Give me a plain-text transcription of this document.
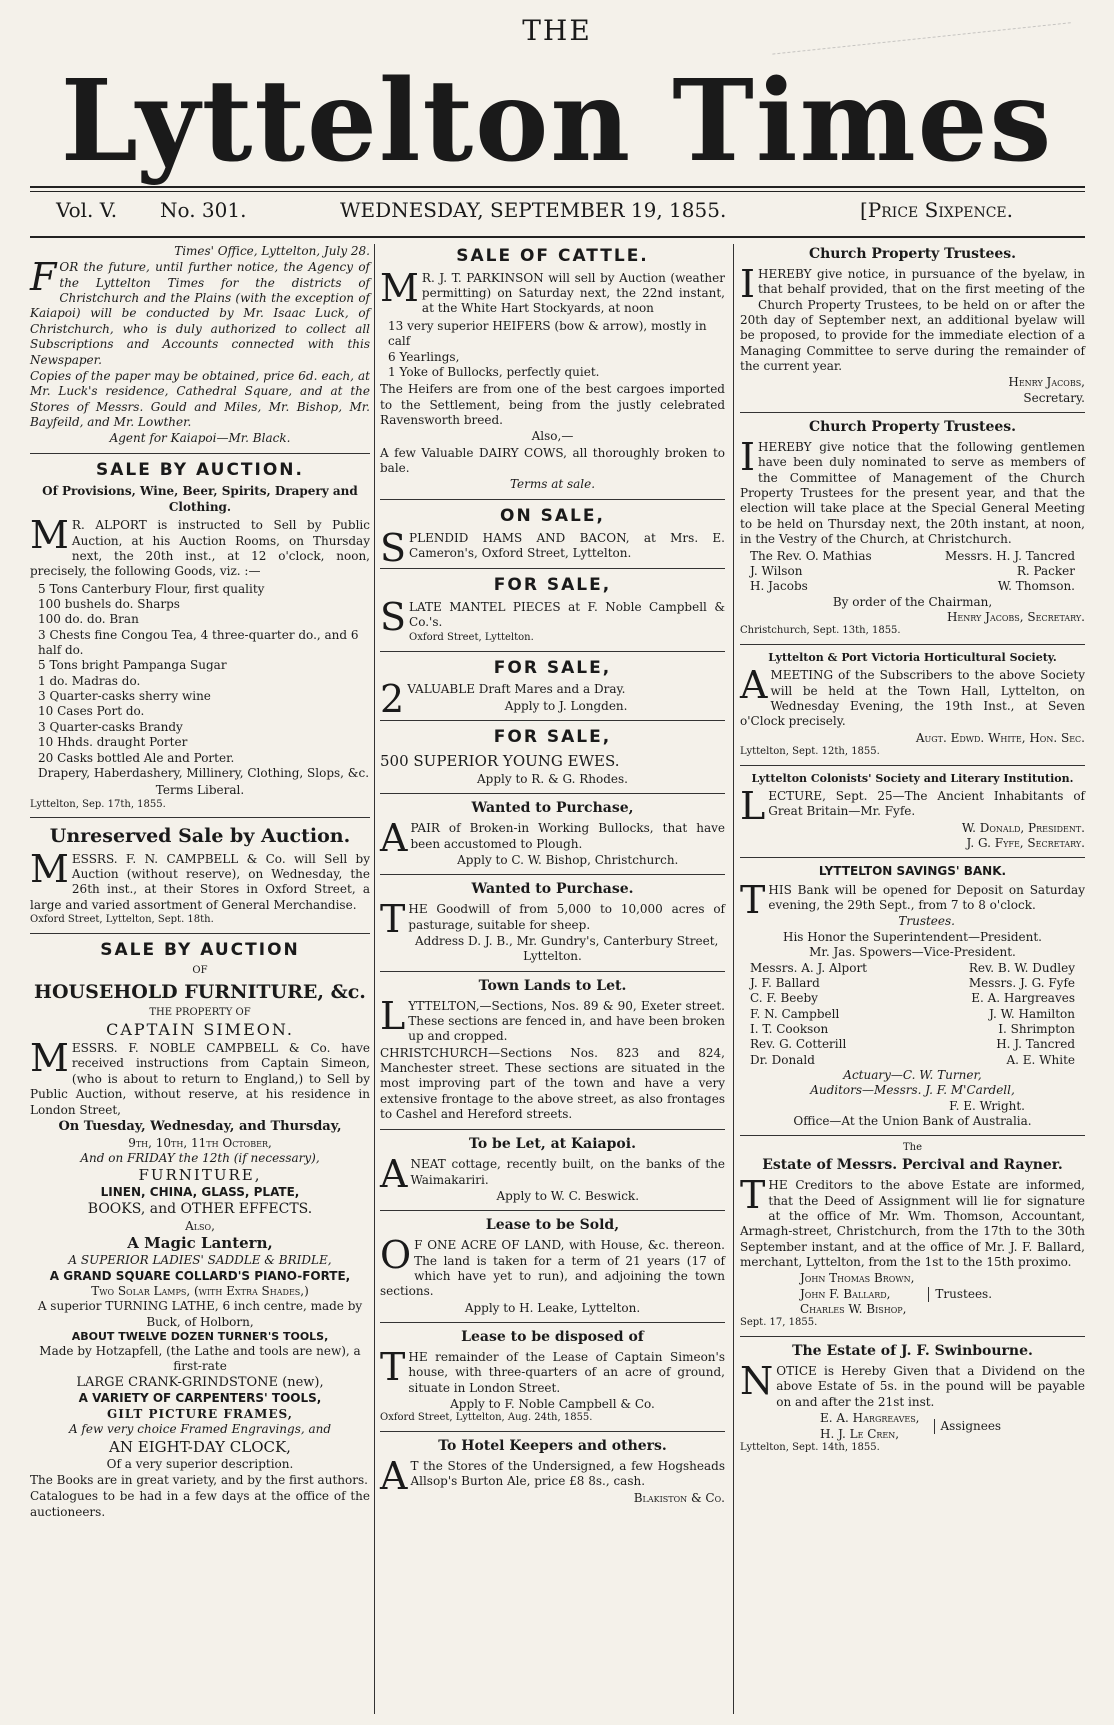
THE
Lyttelton Times
Vol. V. No. 301.	WEDNESDAY, SEPTEMBER 19, 1855.	[Price Sixpence.
Times' Office, Lyttelton, July 28.
FOR the future, until further notice, the Agency of the Lyttelton Times for the districts of Christchurch and the Plains (with the exception of Kaiapoi) will be conducted by Mr. Isaac Luck, of Christchurch, who is duly authorized to collect all Subscriptions and Accounts connected with this Newspaper.
Copies of the paper may be obtained, price 6d. each, at Mr. Luck's residence, Cathedral Square, and at the Stores of Messrs. Gould and Miles, Mr. Bishop, Mr. Bayfeild, and Mr. Lowther.
Agent for Kaiapoi—Mr. Black.
SALE BY AUCTION.
Of Provisions, Wine, Beer, Spirits, Drapery and Clothing.
MR. ALPORT is instructed to Sell by Public Auction, at his Auction Rooms, on Thursday next, the 20th inst., at 12 o'clock, noon, precisely, the following Goods, viz. :—
5 Tons Canterbury Flour, first quality
100 bushels do. Sharps
100 do. do. Bran
3 Chests fine Congou Tea, 4 three-quarter do., and 6 half do.
5 Tons bright Pampanga Sugar
1 do. Madras do.
3 Quarter-casks sherry wine
10 Cases Port do.
3 Quarter-casks Brandy
10 Hhds. draught Porter
20 Casks bottled Ale and Porter.
Drapery, Haberdashery, Millinery, Clothing, Slops, &c.
Terms Liberal.
Lyttelton, Sep. 17th, 1855.
Unreserved Sale by Auction.
MESSRS. F. N. CAMPBELL & Co. will Sell by Auction (without reserve), on Wednesday, the 26th inst., at their Stores in Oxford Street, a large and varied assortment of General Merchandise.
Oxford Street, Lyttelton, Sept. 18th.
SALE BY AUCTION
OF
HOUSEHOLD FURNITURE, &c.
THE PROPERTY OF
CAPTAIN SIMEON.
MESSRS. F. NOBLE CAMPBELL & Co. have received instructions from Captain Simeon, (who is about to return to England,) to Sell by Public Auction, without reserve, at his residence in London Street,
On Tuesday, Wednesday, and Thursday,
9th, 10th, 11th October,
And on FRIDAY the 12th (if necessary),
FURNITURE,
LINEN, CHINA, GLASS, PLATE,
BOOKS, and OTHER EFFECTS.
Also,
A Magic Lantern,
A SUPERIOR LADIES' SADDLE & BRIDLE,
A GRAND SQUARE COLLARD'S PIANO-FORTE,
Two Solar Lamps, (with Extra Shades,)
A superior TURNING LATHE, 6 inch centre, made by Buck, of Holborn,
ABOUT TWELVE DOZEN TURNER'S TOOLS,
Made by Hotzapfell, (the Lathe and tools are new), a first-rate
LARGE CRANK-GRINDSTONE (new),
A VARIETY OF CARPENTERS' TOOLS,
GILT PICTURE FRAMES,
A few very choice Framed Engravings, and
AN EIGHT-DAY CLOCK,
Of a very superior description.
The Books are in great variety, and by the first authors.
Catalogues to be had in a few days at the office of the auctioneers.
SALE OF CATTLE.
MR. J. T. PARKINSON will sell by Auction (weather permitting) on Saturday next, the 22nd instant, at the White Hart Stockyards, at noon
13 very superior HEIFERS (bow & arrow), mostly in calf
6 Yearlings,
1 Yoke of Bullocks, perfectly quiet.
The Heifers are from one of the best cargoes imported to the Settlement, being from the justly celebrated Ravensworth breed.
Also,—
A few Valuable DAIRY COWS, all thoroughly broken to bale.
Terms at sale.
ON SALE,
SPLENDID HAMS AND BACON, at Mrs. E. Cameron's, Oxford Street, Lyttelton.
FOR SALE,
SLATE MANTEL PIECES at F. Noble Campbell & Co.'s.
Oxford Street, Lyttelton.
FOR SALE,
2VALUABLE Draft Mares and a Dray.
Apply to J. Longden.
FOR SALE,
500 SUPERIOR YOUNG EWES.
Apply to R. & G. Rhodes.
Wanted to Purchase,
APAIR of Broken-in Working Bullocks, that have been accustomed to Plough.
Apply to C. W. Bishop, Christchurch.
Wanted to Purchase.
THE Goodwill of from 5,000 to 10,000 acres of pasturage, suitable for sheep.
Address D. J. B., Mr. Gundry's, Canterbury Street, Lyttelton.
Town Lands to Let.
LYTTELTON,—Sections, Nos. 89 & 90, Exeter street. These sections are fenced in, and have been broken up and cropped.
CHRISTCHURCH—Sections Nos. 823 and 824, Manchester street. These sections are situated in the most improving part of the town and have a very extensive frontage to the above street, as also frontages to Cashel and Hereford streets.
To be Let, at Kaiapoi.
ANEAT cottage, recently built, on the banks of the Waimakariri.
Apply to W. C. Beswick.
Lease to be Sold,
OF ONE ACRE OF LAND, with House, &c. thereon. The land is taken for a term of 21 years (17 of which have yet to run), and adjoining the town sections.
Apply to H. Leake, Lyttelton.
Lease to be disposed of
THE remainder of the Lease of Captain Simeon's house, with three-quarters of an acre of ground, situate in London Street.
Apply to F. Noble Campbell & Co.
Oxford Street, Lyttelton, Aug. 24th, 1855.
To Hotel Keepers and others.
AT the Stores of the Undersigned, a few Hogsheads Allsop's Burton Ale, price £8 8s., cash.
Blakiston & Co.
Church Property Trustees.
IHEREBY give notice, in pursuance of the byelaw, in that behalf provided, that on the first meeting of the Church Property Trustees, to be held on or after the 20th day of September next, an additional byelaw will be proposed, to provide for the immediate election of a Managing Committee to serve during the remainder of the current year.
Henry Jacobs,
Secretary.
Church Property Trustees.
IHEREBY give notice that the following gentlemen have been duly nominated to serve as members of the Committee of Management of the Church Property Trustees for the present year, and that the election will take place at the Special General Meeting to be held on Thursday next, the 20th instant, at noon, in the Vestry of the Church, at Christchurch.
The Rev. O. Mathias	Messrs. H. J. Tancred
J. Wilson	R. Packer
H. Jacobs	W. Thomson.
By order of the Chairman,
Henry Jacobs, Secretary.
Christchurch, Sept. 13th, 1855.
Lyttelton & Port Victoria Horticultural Society.
AMEETING of the Subscribers to the above Society will be held at the Town Hall, Lyttelton, on Wednesday Evening, the 19th Inst., at Seven o'Clock precisely.
Augt. Edwd. White, Hon. Sec.
Lyttelton, Sept. 12th, 1855.
Lyttelton Colonists' Society and Literary Institution.
LECTURE, Sept. 25—The Ancient Inhabitants of Great Britain—Mr. Fyfe.
W. Donald, President.
J. G. Fyfe, Secretary.
LYTTELTON SAVINGS' BANK.
THIS Bank will be opened for Deposit on Saturday evening, the 29th Sept., from 7 to 8 o'clock.
Trustees.
His Honor the Superintendent—President.
Mr. Jas. Spowers—Vice-President.
Messrs. A. J. Alport	Rev. B. W. Dudley
J. F. Ballard	Messrs. J. G. Fyfe
C. F. Beeby	E. A. Hargreaves
F. N. Campbell	J. W. Hamilton
I. T. Cookson	I. Shrimpton
Rev. G. Cotterill	H. J. Tancred
Dr. Donald	A. E. White
Actuary—C. W. Turner,
Auditors—Messrs. J. F. M'Cardell,
F. E. Wright.
Office—At the Union Bank of Australia.
The
Estate of Messrs. Percival and Rayner.
THE Creditors to the above Estate are informed, that the Deed of Assignment will lie for signature at the office of Mr. Wm. Thomson, Accountant, Armagh-street, Christchurch, from the 17th to the 30th September instant, and at the office of Mr. J. F. Ballard, merchant, Lyttelton, from the 1st to the 15th proximo.
John Thomas Brown,
John F. Ballard,
Charles W. Bishop,
Trustees.
Sept. 17, 1855.
The Estate of J. F. Swinbourne.
NOTICE is Hereby Given that a Dividend on the above Estate of 5s. in the pound will be payable on and after the 21st inst.
E. A. Hargreaves,
H. J. Le Cren,
Assignees
Lyttelton, Sept. 14th, 1855.
